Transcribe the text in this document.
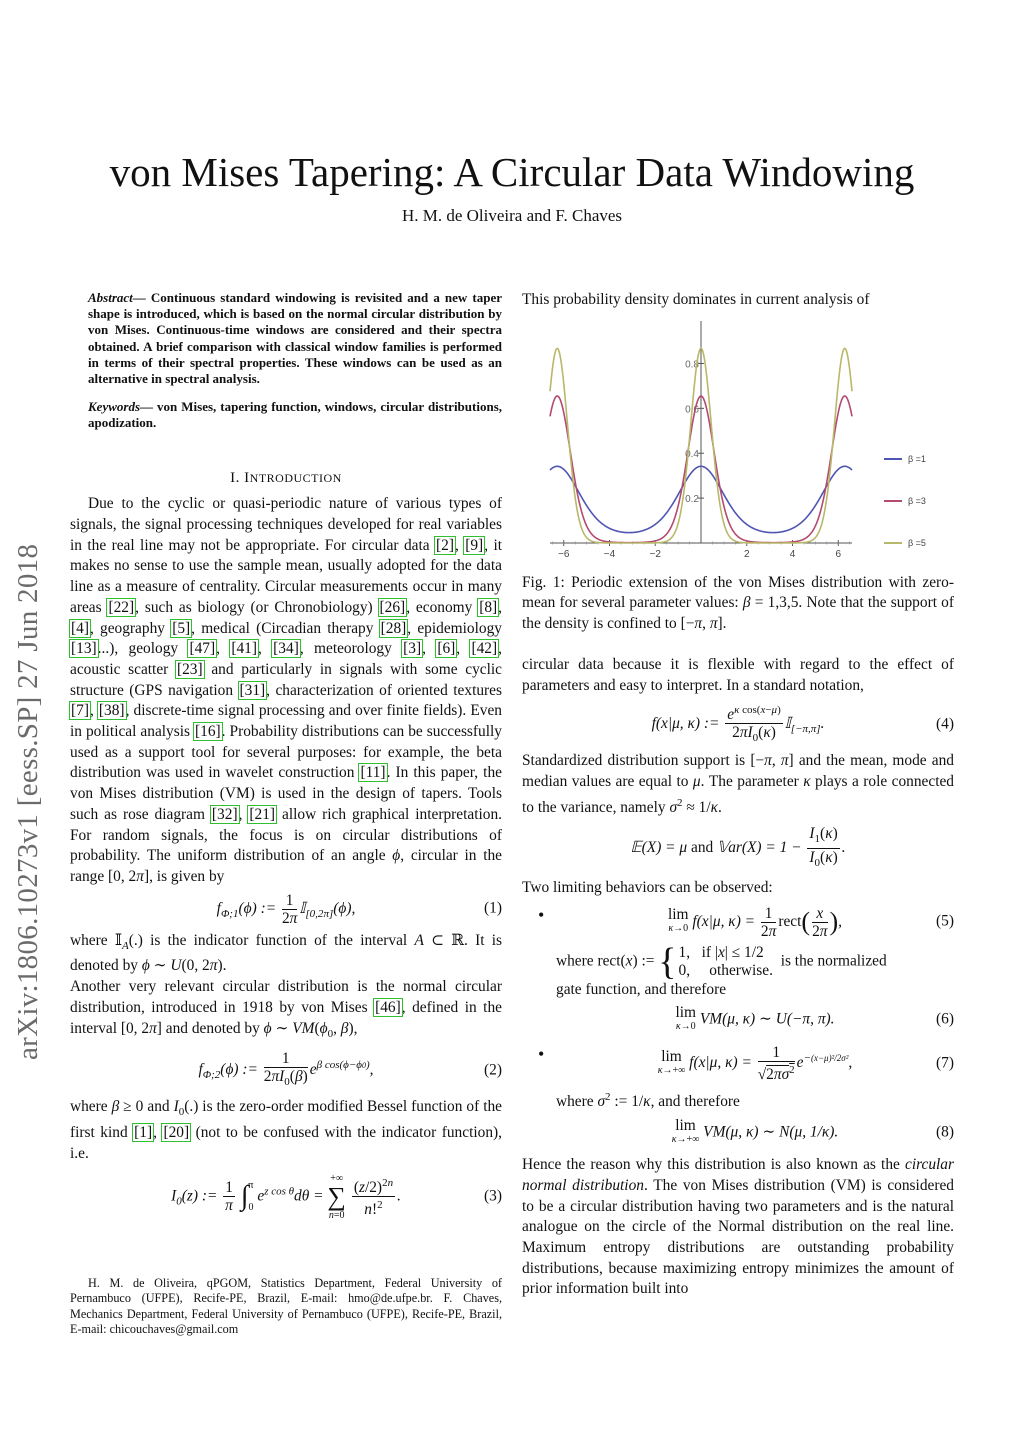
von Mises Tapering: A Circular Data Windowing
H. M. de Oliveira and F. Chaves
arXiv:1806.10273v1 [eess.SP] 27 Jun 2018

Abstract— Continuous standard windowing is revisited and a new taper shape is introduced, which is based on the normal circular distribution by von Mises. Continuous-time windows are considered and their spectra obtained. A brief comparison with classical window families is performed in terms of their spectral properties. These windows can be used as an alternative in spectral analysis.

Keywords— von Mises, tapering function, windows, circular distributions, apodization.

I. INTRODUCTION

Due to the cyclic or quasi-periodic nature of various types of signals, the signal processing techniques developed for real variables in the real line may not be appropriate. For circular data [2], [9], it makes no sense to use the sample mean, usually adopted for the data line as a measure of centrality. Circular measurements occur in many areas [22], such as biology (or Chronobiology) [26], economy [8], [4], geography [5], medical (Circadian therapy [28], epidemiology [13]...), geology [47], [41], [34], meteorology [3], [6], [42], acoustic scatter [23] and particularly in signals with some cyclic structure (GPS navigation [31], characterization of oriented textures [7], [38], discrete-time signal processing and over finite fields). Even in political analysis [16]. Probability distributions can be successfully used as a support tool for several purposes: for example, the beta distribution was used in wavelet construction [11]. In this paper, the von Mises distribution (VM) is used in the design of tapers. Tools such as rose diagram [32], [21] allow rich graphical interpretation. For random signals, the focus is on circular distributions of probability. The uniform distribution of an angle ϕ, circular in the range [0, 2π], is given by

$f_{\Phi;1}(\phi)$ := $\frac{1}{2\pi}$ 𝕀$_{[0,2\pi]}$(ϕ),	(1)

where 𝕀$_A$(.) is the indicator function of the interval A ⊂ ℝ. It is denoted by ϕ ∼ U(0, 2π).

Another very relevant circular distribution is the normal circular distribution, introduced in 1918 by von Mises [46], defined in the interval [0, 2π] and denoted by ϕ ∼ $VM(\phi_0$, β),

$f_{\Phi;2}(\phi)$ := $\frac{1}{2\pi I_0(\beta)} e^{\beta cos(\phi-\phi 0)}$,	(2)

where β ≥ 0 and $I_0(.)$ is the zero-order modified Bessel function of the first kind [1], [20] (not to be confused with the indicator function), i.e.

$I_0(z)$ := $\frac{1}{\pi}$ ∫ π
0
$e^{z cos \theta}d\theta$ =
+∞
∑
n=0
$\frac{(z/2)^{2n}}{n!^2}$ .	(3)
H. M. de Oliveira, qPGOM, Statistics Department, Federal University of Pernambuco (UFPE), Recife-PE, Brazil, E-mail: hmo@de.ufpe.br. F. Chaves, Mechanics Department, Federal University of Pernambuco (UFPE), Recife-PE, Brazil, E-mail: chicouchaves@gmail.com

This probability density dominates in current analysis of

−6	−4	−2	2	4	6
0.2
0.4
0.6
0.8
β =1
β =3
β =5

Fig. 1: Periodic extension of the von Mises distribution with zero-mean for several parameter values: β = 1,3,5. Note that the support of the density is confined to [−π, π].

circular data because it is flexible with regard to the effect of parameters and easy to interpret. In a standard notation,

f(x|μ, κ) := $\frac{e^{\kappa cos(x-\mu)}}{2\pi I_0(\kappa)}$ 𝕀$_{[-\pi,\pi]}$.	(4)

Standardized distribution support is [−π, π] and the mean, mode and median values are equal to μ. The parameter κ plays a role connected to the variance, namely $\sigma^2 \approx 1/\kappa$.

𝔼(X) = μ and 𝕍ar(X) = $1 - \frac{I_1(\kappa)}{I_0(\kappa)}$ .

Two limiting behaviors can be observed:

•	lim
κ→0 f(x|μ, $\kappa) = \frac{1}{2\pi}$ rect( $\frac{x}{2\pi}$ ),	(5)

where rect(x) := { 1,   if |x| ≤ 1/2
0,     otherwise.
is the normalized

gate function, and therefore

lim
κ→0 VM(μ, κ) ∼ U(−π, π).	(6)
•	lim
κ→+∞ f(x|μ, $\kappa) = \frac{1}{√2\pi\sigma^2} e^{-(x-\mu)^2/2\sigma^2}$,	(7)

where $\sigma^2$ := 1/κ, and therefore

lim
κ→+∞ VM(μ, κ) ∼ N(μ, 1/κ).	(8)

Hence the reason why this distribution is also known as the circular normal distribution. The von Mises distribution (VM) is considered to be a circular distribution having two parameters and is the natural analogue on the circle of the Normal distribution on the real line. Maximum entropy distributions are outstanding probability distributions, because maximizing entropy minimizes the amount of prior information built into
